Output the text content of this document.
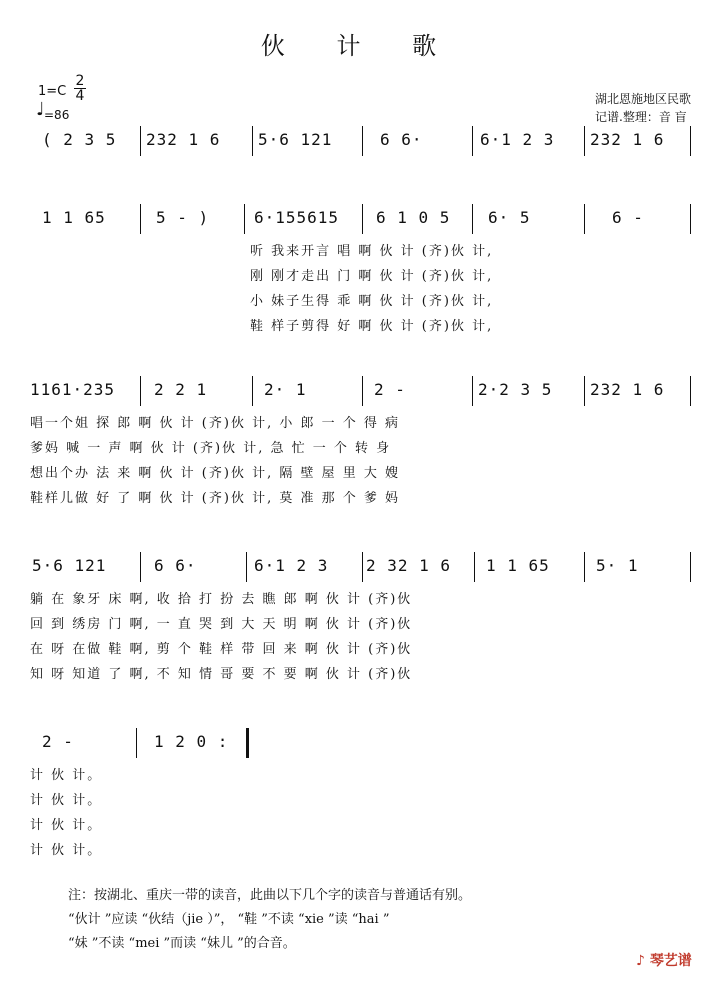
伙 计 歌
1=C
2
4
♩ =86
湖北恩施地区民歌
记谱.整理：音 盲
( 2 3 5 232 1 6 5·6 121	6 6·	6·1 2 3 232 1 6
1 1 65	5 - )	6·155615 6 1 0 5 6· 5	6 -
听 我来开言 唱 啊 伙 计 (齐)伙 计,
刚 刚才走出 门 啊 伙 计 (齐)伙 计,
小 妹子生得 乖 啊 伙 计 (齐)伙 计,
鞋 样子剪得 好 啊 伙 计 (齐)伙 计,
1161·235 2 2 1	2· 1	2 -	2·2 3 5 232 1 6
唱一个姐 探 郎 啊 伙 计 (齐)伙 计, 小 郎 一 个 得 病
爹妈 喊 一 声 啊 伙 计 (齐)伙 计, 急 忙 一 个 转 身
想出个办 法 来 啊 伙 计 (齐)伙 计, 隔 壁 屋 里 大 嫂
鞋样儿做 好 了 啊 伙 计 (齐)伙 计, 莫 准 那 个 爹 妈
5·6 121	6 6·	6·1 2 3 2 32 1 6 1 1 65	5· 1
躺 在 象牙 床 啊, 收 拾 打 扮 去 瞧 郎 啊 伙 计 (齐)伙
回 到 绣房 门 啊, 一 直 哭 到 大 天 明 啊 伙 计 (齐)伙
在 呀 在做 鞋 啊, 剪 个 鞋 样 带 回 来 啊 伙 计 (齐)伙
知 呀 知道 了 啊, 不 知 情 哥 要 不 要 啊 伙 计 (齐)伙
2 -	1 2 0 :
计 伙 计。
计 伙 计。
计 伙 计。
计 伙 计。
注：按湖北、重庆一带的读音，此曲以下几个字的读音与普通话有别。
“伙计 ”应读 “伙结（jie ）”， “鞋 ”不读 “xie ”读 “hai ”
“妹 ”不读 “mei ”而读 “妹儿 ”的合音。
♪ 琴艺谱
